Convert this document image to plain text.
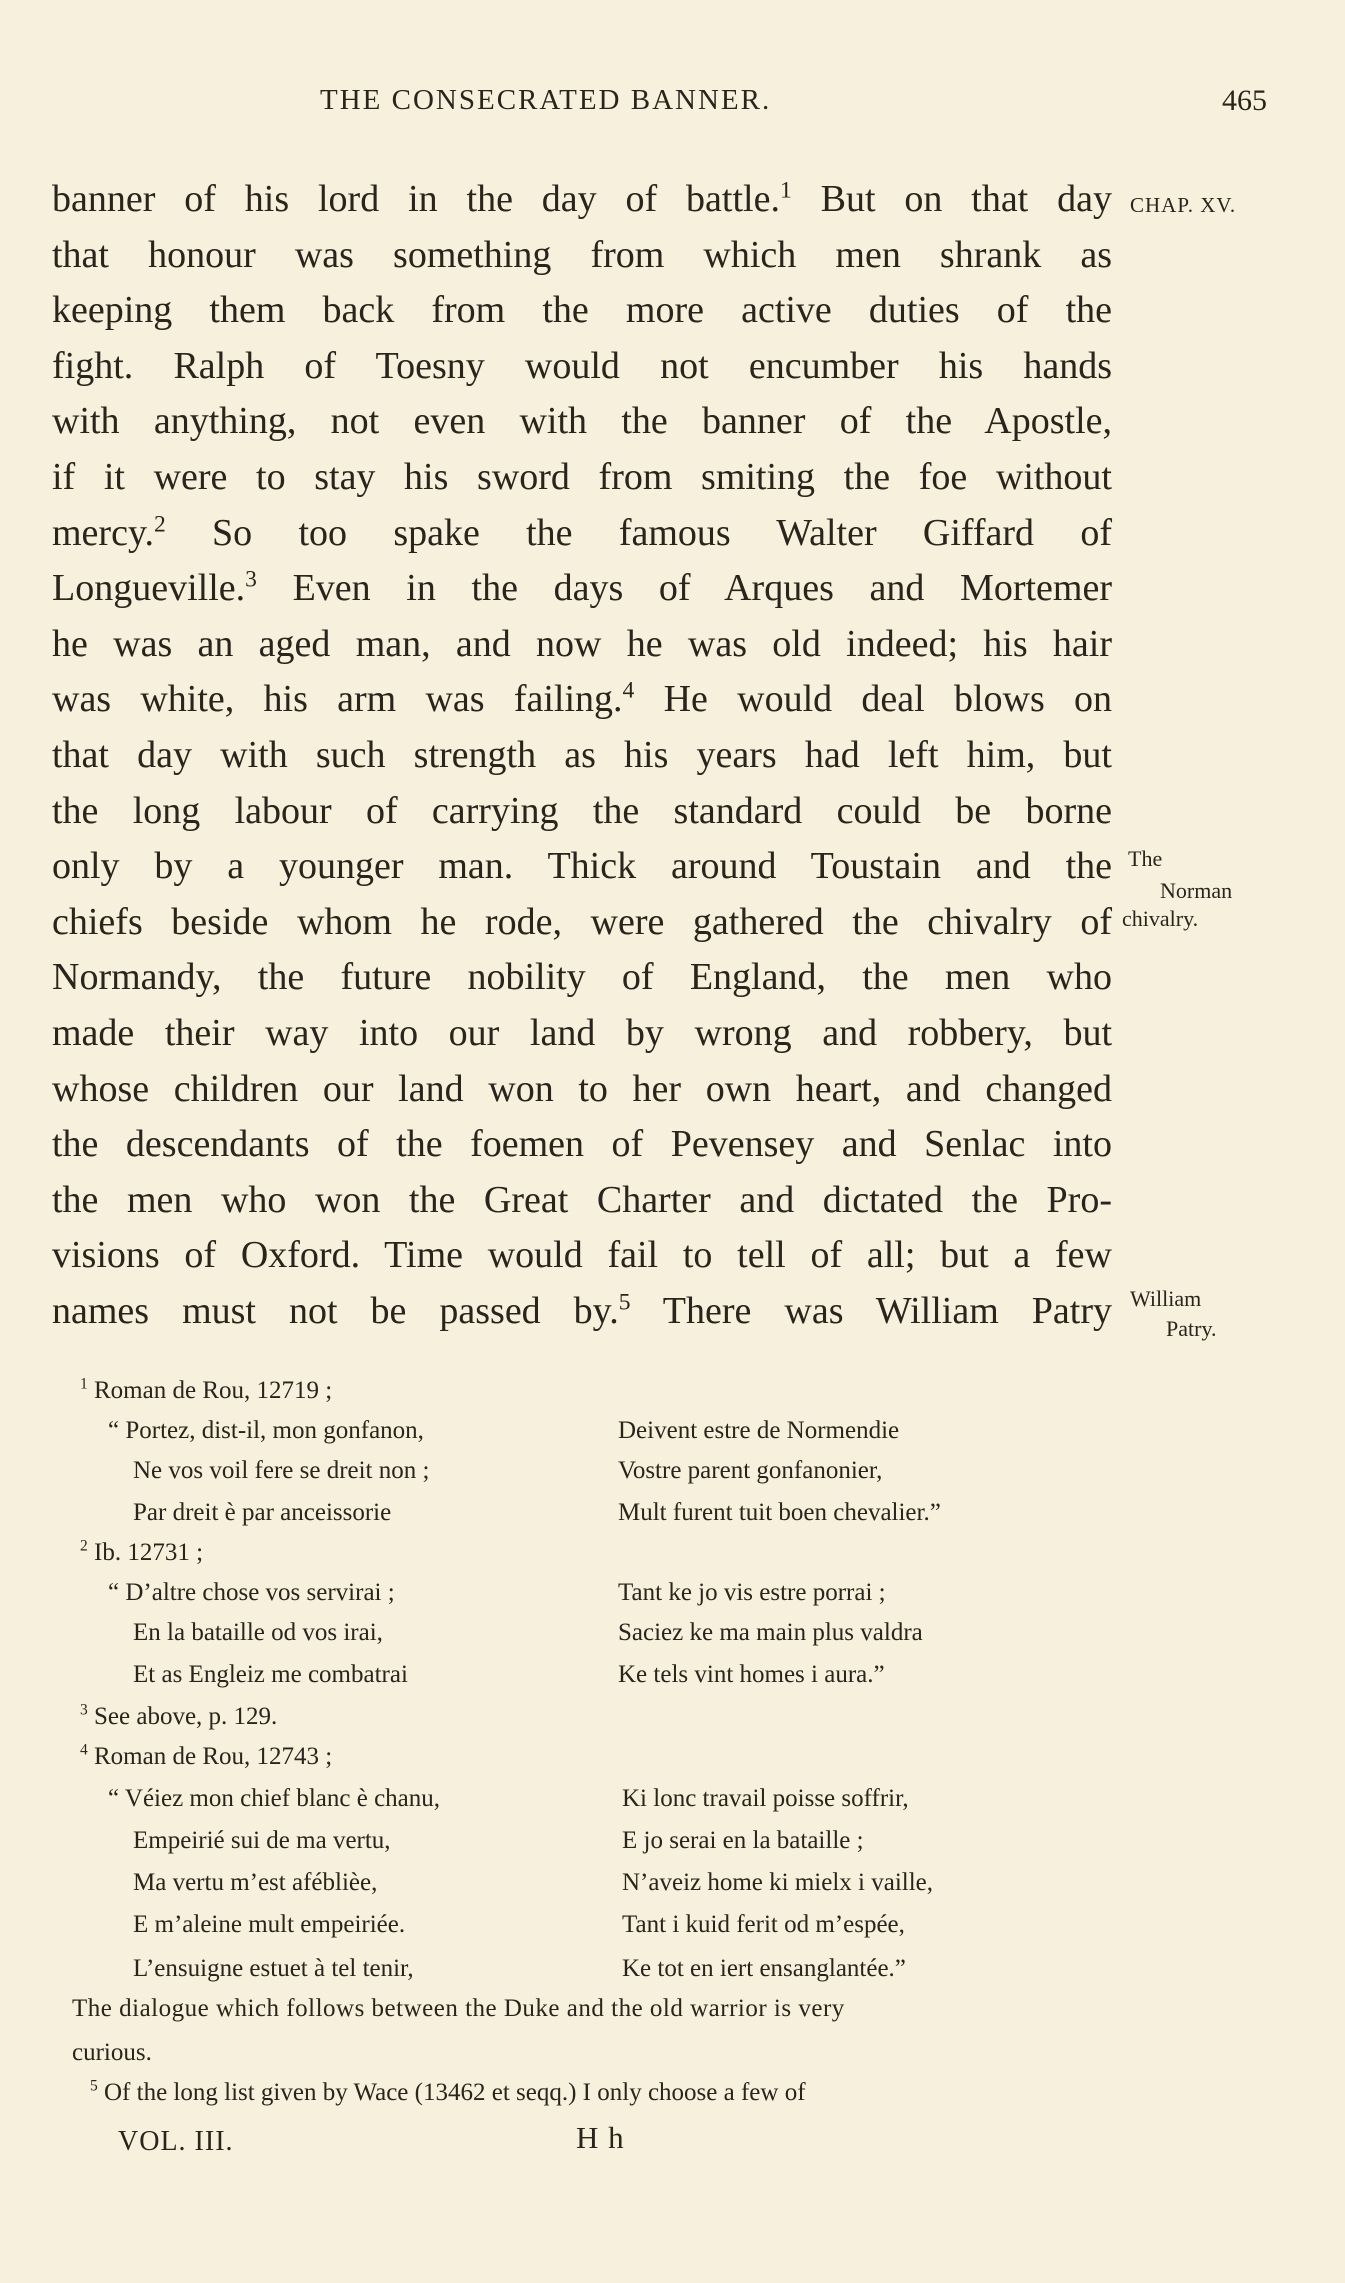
THE CONSECRATED BANNER.	465
banner of his lord in the day of battle.$^1$ But on that day
that honour was something from which men shrank as
keeping them back from the more active duties of the
fight. Ralph of Toesny would not encumber his hands
with anything, not even with the banner of the Apostle,
if it were to stay his sword from smiting the foe without
mercy.$^2$ So too spake the famous Walter Giffard of
Longueville.$^3$ Even in the days of Arques and Mortemer
he was an aged man, and now he was old indeed; his hair
was white, his arm was failing.$^4$ He would deal blows on
that day with such strength as his years had left him, but
the long labour of carrying the standard could be borne
only by a younger man. Thick around Toustain and the
chiefs beside whom he rode, were gathered the chivalry of
Normandy, the future nobility of England, the men who
made their way into our land by wrong and robbery, but
whose children our land won to her own heart, and changed
the descendants of the foemen of Pevensey and Senlac into
the men who won the Great Charter and dictated the Pro-
visions of Oxford. Time would fail to tell of all; but a few
names must not be passed by.$^5$ There was William Patry
CHAP. XV.
The
Norman
chivalry.
William
Patry.
$^1$ Roman de Rou, 12719 ;
“ Portez, dist-il, mon gonfanon,
Ne vos voil fere se dreit non ;
Par dreit è par anceissorie
Deivent estre de Normendie
Vostre parent gonfanonier,
Mult furent tuit boen chevalier.”
$^2$ Ib. 12731 ;
“ D’altre chose vos servirai ;
En la bataille od vos irai,
Et as Engleiz me combatrai
Tant ke jo vis estre porrai ;
Saciez ke ma main plus valdra
Ke tels vint homes i aura.”
$^3$ See above, p. 129.
$^4$ Roman de Rou, 12743 ;
“ Véiez mon chief blanc è chanu,
Empeirié sui de ma vertu,
Ma vertu m’est aféblièe,
E m’aleine mult empeiriée.
L’ensuigne estuet à tel tenir,
Ki lonc travail poisse soffrir,
E jo serai en la bataille ;
N’aveiz home ki mielx i vaille,
Tant i kuid ferit od m’espée,
Ke tot en iert ensanglantée.”
The dialogue which follows between the Duke and the old warrior is very
curious.
$^5$ Of the long list given by Wace (13462 et seqq.) I only choose a few of
VOL. III.	H h
